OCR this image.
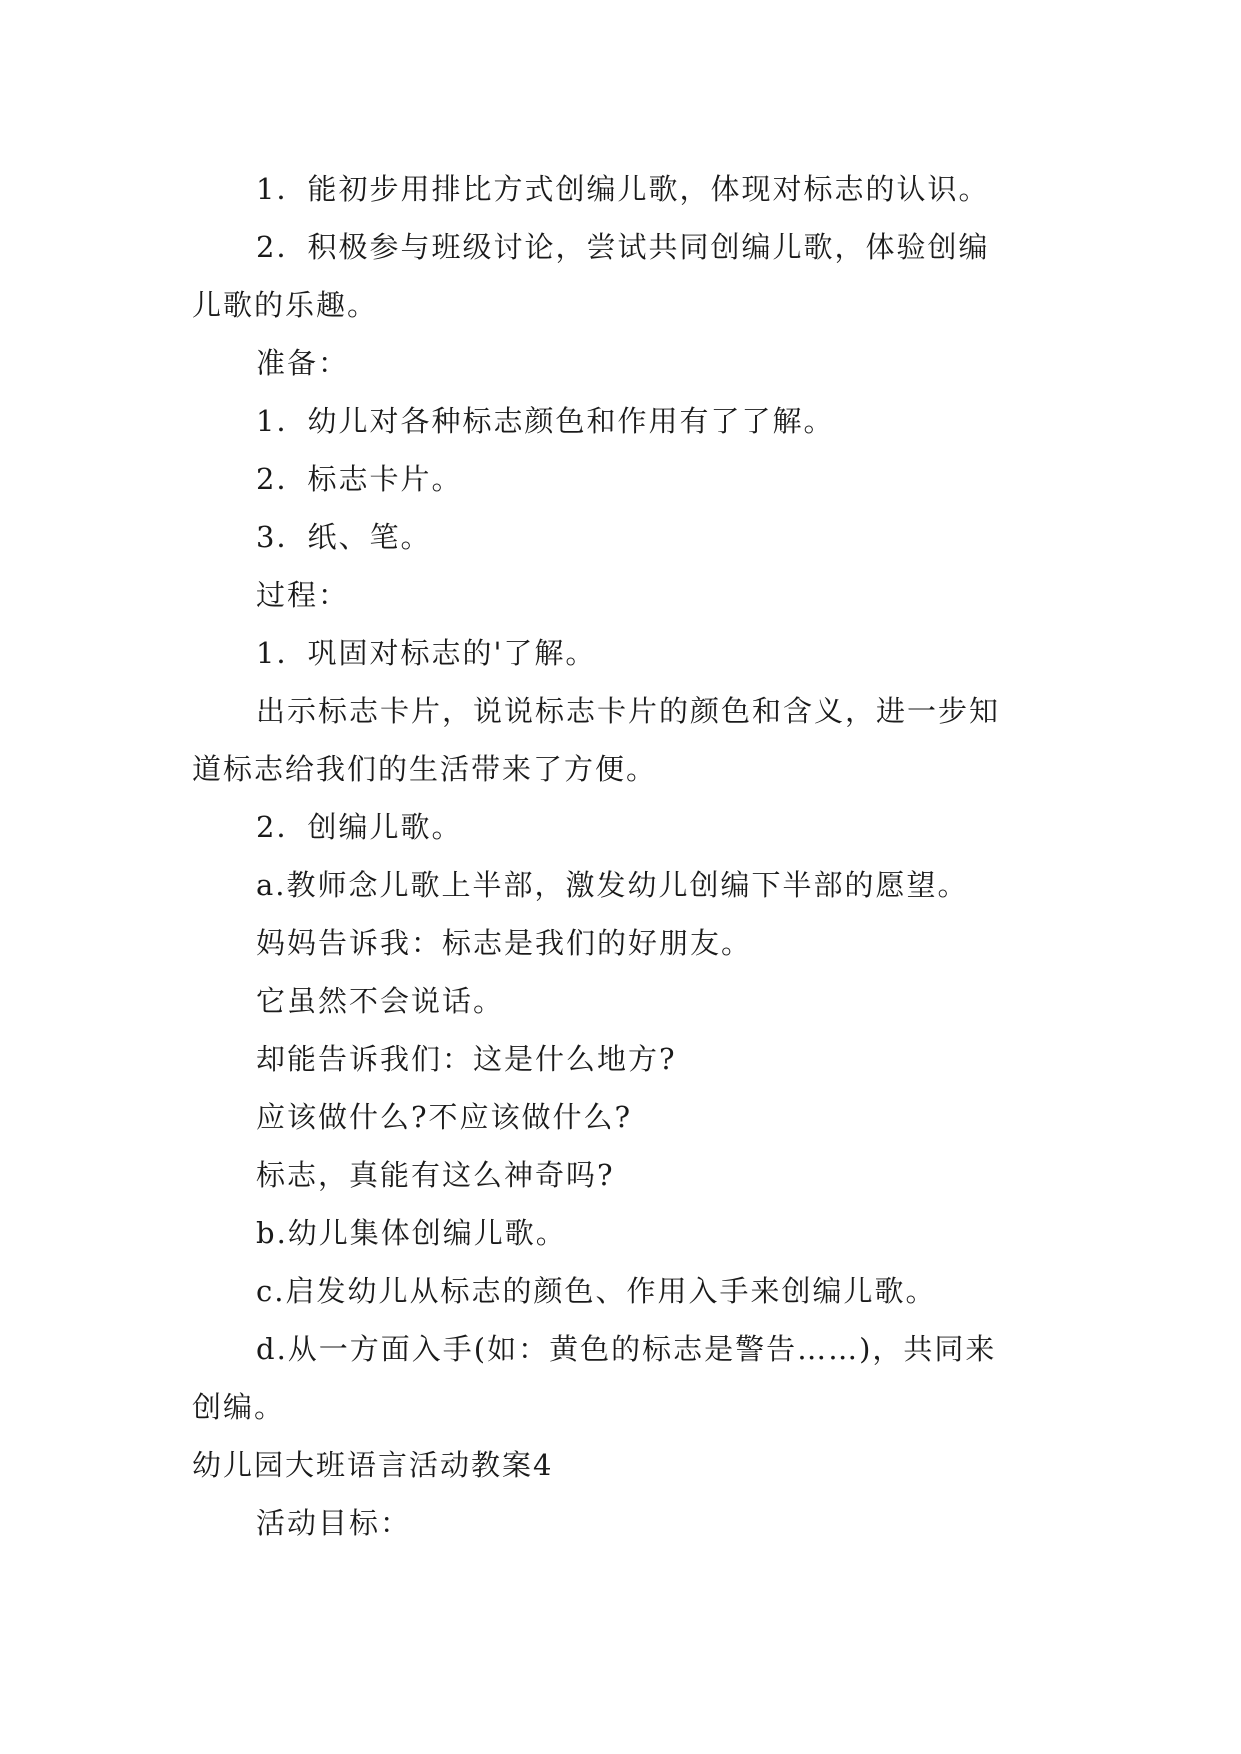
1．能初步用排比方式创编儿歌，体现对标志的认识。
2．积极参与班级讨论，尝试共同创编儿歌，体验创编
儿歌的乐趣。
准备：
1．幼儿对各种标志颜色和作用有了了解。
2．标志卡片。
3．纸、笔。
过程：
1．巩固对标志的'了解。
出示标志卡片，说说标志卡片的颜色和含义，进一步知
道标志给我们的生活带来了方便。
2．创编儿歌。
a.教师念儿歌上半部，激发幼儿创编下半部的愿望。
妈妈告诉我：标志是我们的好朋友。
它虽然不会说话。
却能告诉我们：这是什么地方?
应该做什么?不应该做什么?
标志，真能有这么神奇吗?
b.幼儿集体创编儿歌。
c.启发幼儿从标志的颜色、作用入手来创编儿歌。
d.从一方面入手(如：黄色的标志是警告……)，共同来
创编。
幼儿园大班语言活动教案4
活动目标：
